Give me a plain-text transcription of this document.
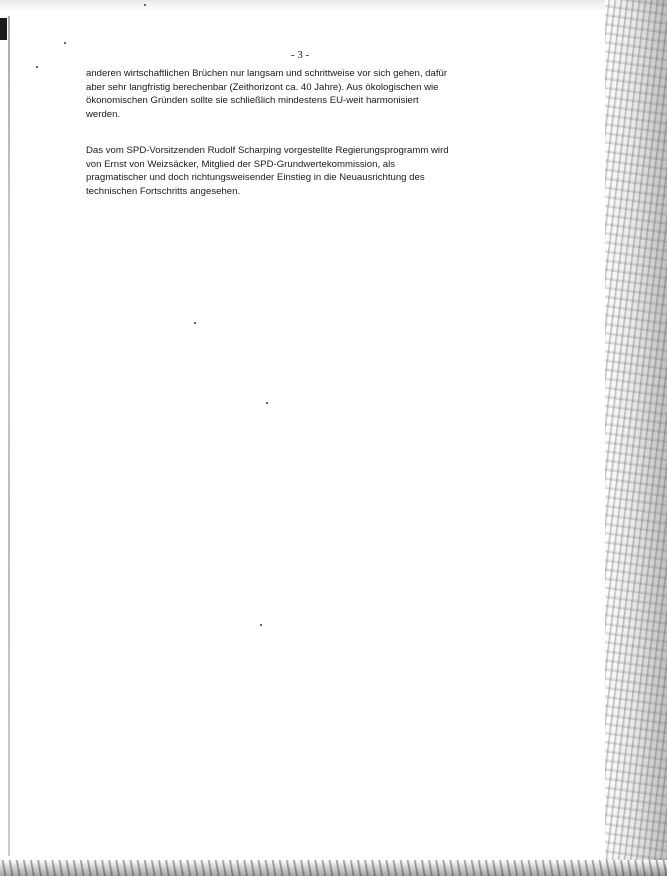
- 3 -

anderen wirtschaftlichen Brüchen nur langsam und schrittweise vor sich gehen, dafür
aber sehr langfristig berechenbar (Zeithorizont ca. 40 Jahre). Aus ökologischen wie
ökonomischen Gründen sollte sie schließlich mindestens EU-weit harmonisiert
werden.

Das vom SPD-Vorsitzenden Rudolf Scharping vorgestellte Regierungsprogramm wird
von Ernst von Weizsäcker, Mitglied der SPD-Grundwertekommission, als
pragmatischer und doch richtungsweisender Einstieg in die Neuausrichtung des
technischen Fortschritts angesehen.
